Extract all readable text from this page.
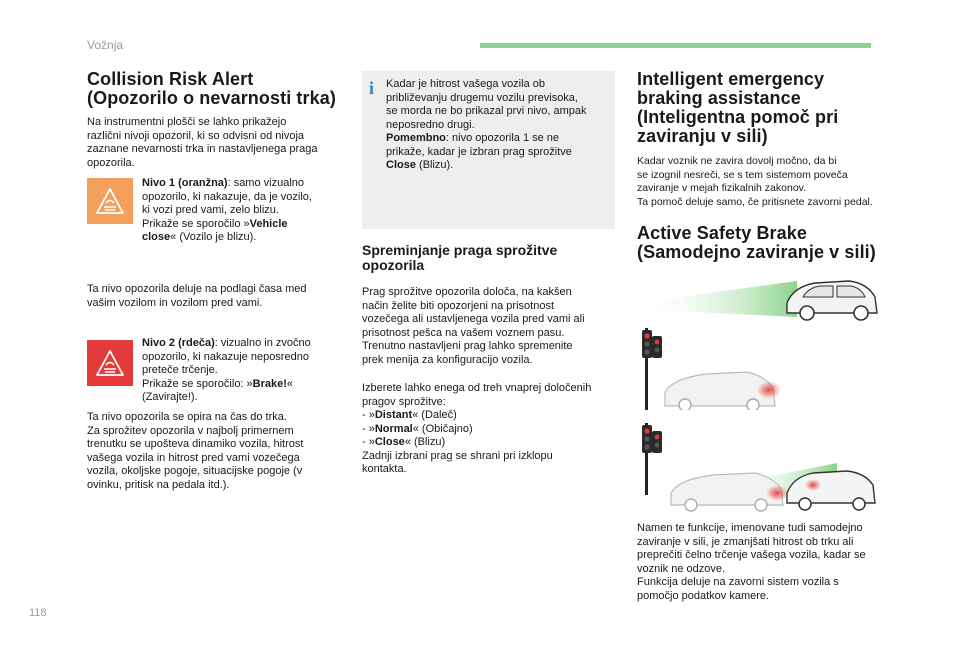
Vožnja
118
Collision Risk Alert
(Opozorilo o nevarnosti trka)

Na instrumentni plošči se lahko prikažejo
različni nivoji opozoril, ki so odvisni od nivoja
zaznane nevarnosti trka in nastavljenega praga
opozorila.

Nivo 1 (oranžna): samo vizualno
opozorilo, ki nakazuje, da je vozilo,
ki vozi pred vami, zelo blizu.
Prikaže se sporočilo »Vehicle
close« (Vozilo je blizu).

Ta nivo opozorila deluje na podlagi časa med
vašim vozilom in vozilom pred vami.

Nivo 2 (rdeča): vizualno in zvočno
opozorilo, ki nakazuje neposredno
preteče trčenje.
Prikaže se sporočilo: »Brake!«
(Zavirajte!).

Ta nivo opozorila se opira na čas do trka.
Za sprožitev opozorila v najbolj primernem
trenutku se upošteva dinamiko vozila, hitrost
vašega vozila in hitrost pred vami vozečega
vozila, okoljske pogoje, situacijske pogoje (v
ovinku, pritisk na pedala itd.).

i Kadar je hitrost vašega vozila ob
približevanju drugemu vozilu previsoka,
se morda ne bo prikazal prvi nivo, ampak
neposredno drugi.
Pomembno: nivo opozorila 1 se ne
prikaže, kadar je izbran prag sprožitve
Close (Blizu).

Spreminjanje praga sprožitve
opozorila

Prag sprožitve opozorila določa, na kakšen
način želite biti opozorjeni na prisotnost
vozečega ali ustavljenega vozila pred vami ali
prisotnost pešca na vašem voznem pasu.
Trenutno nastavljeni prag lahko spremenite
prek menija za konfiguracijo vozila.

Izberete lahko enega od treh vnaprej določenih
pragov sprožitve:
- »Distant« (Daleč)
- »Normal« (Običajno)
- »Close« (Blizu)
Zadnji izbrani prag se shrani pri izklopu
kontakta.

Intelligent emergency
braking assistance
(Inteligentna pomoč pri
zaviranju v sili)

Kadar voznik ne zavira dovolj močno, da bi
se izognil nesreči, se s tem sistemom poveča
zaviranje v mejah fizikalnih zakonov.
Ta pomoč deluje samo, če pritisnete zavorni pedal.

Active Safety Brake
(Samodejno zaviranje v sili)

Namen te funkcije, imenovane tudi samodejno
zaviranje v sili, je zmanjšati hitrost ob trku ali
preprečiti čelno trčenje vašega vozila, kadar se
voznik ne odzove.
Funkcija deluje na zavorni sistem vozila s
pomočjo podatkov kamere.
